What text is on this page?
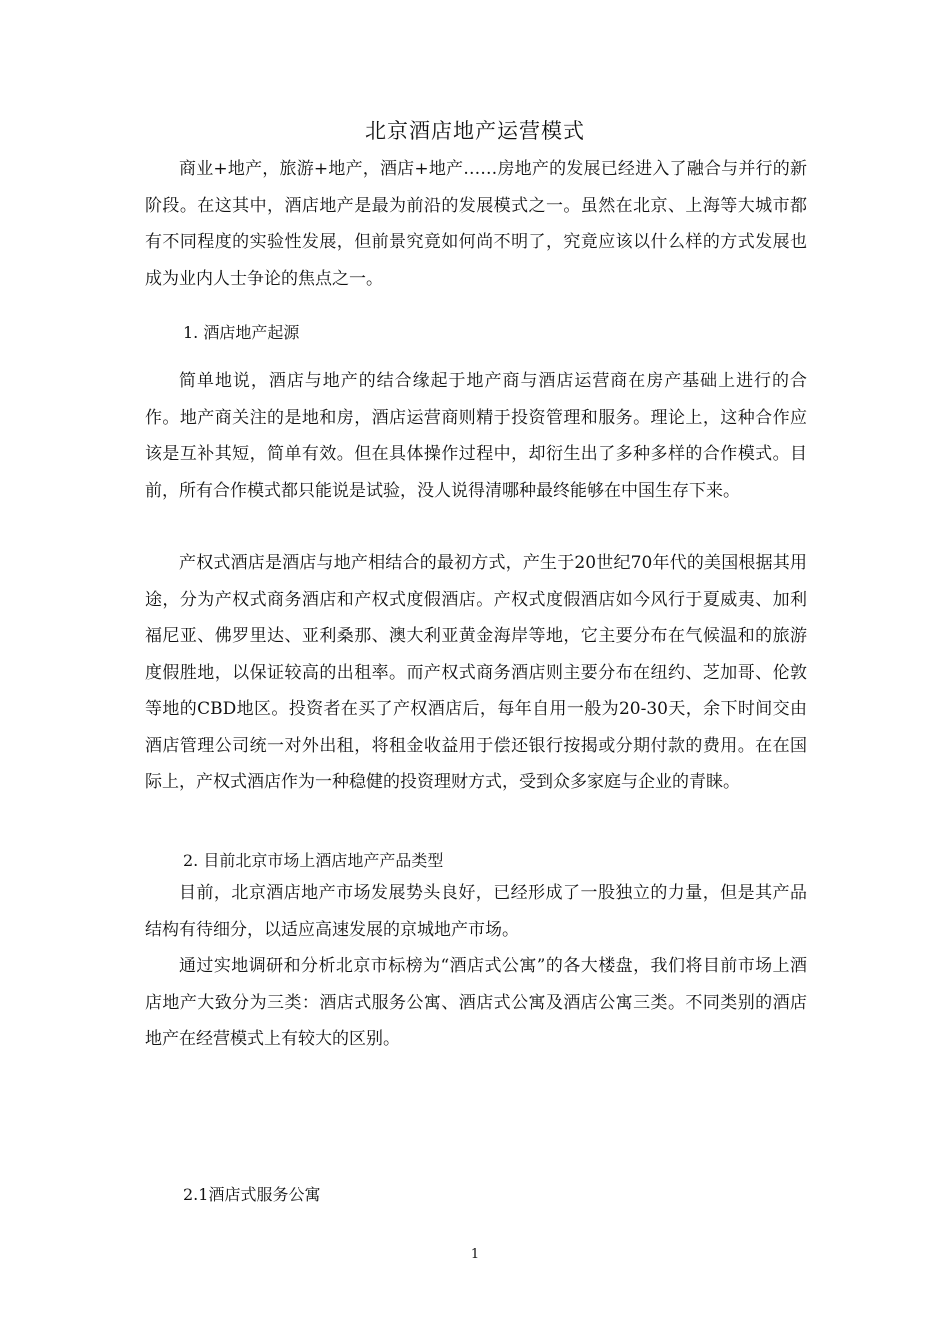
北京酒店地产运营模式

商业+地产，旅游+地产，酒店+地产……房地产的发展已经进入了融合与并行的新阶段。在这其中，酒店地产是最为前沿的发展模式之一。虽然在北京、上海等大城市都有不同程度的实验性发展，但前景究竟如何尚不明了，究竟应该以什么样的方式发展也成为业内人士争论的焦点之一。

1. 酒店地产起源

简单地说，酒店与地产的结合缘起于地产商与酒店运营商在房产基础上进行的合作。地产商关注的是地和房，酒店运营商则精于投资管理和服务。理论上，这种合作应该是互补其短，简单有效。但在具体操作过程中，却衍生出了多种多样的合作模式。目前，所有合作模式都只能说是试验，没人说得清哪种最终能够在中国生存下来。

产权式酒店是酒店与地产相结合的最初方式，产生于20世纪70年代的美国根据其用途，分为产权式商务酒店和产权式度假酒店。产权式度假酒店如今风行于夏威夷、加利福尼亚、佛罗里达、亚利桑那、澳大利亚黄金海岸等地，它主要分布在气候温和的旅游度假胜地，以保证较高的出租率。而产权式商务酒店则主要分布在纽约、芝加哥、伦敦等地的CBD地区。投资者在买了产权酒店后，每年自用一般为20-30天，余下时间交由酒店管理公司统一对外出租，将租金收益用于偿还银行按揭或分期付款的费用。在在国际上，产权式酒店作为一种稳健的投资理财方式，受到众多家庭与企业的青睐。

2. 目前北京市场上酒店地产产品类型

目前，北京酒店地产市场发展势头良好，已经形成了一股独立的力量，但是其产品结构有待细分，以适应高速发展的京城地产市场。

通过实地调研和分析北京市标榜为“酒店式公寓”的各大楼盘，我们将目前市场上酒店地产大致分为三类：酒店式服务公寓、酒店式公寓及酒店公寓三类。不同类别的酒店地产在经营模式上有较大的区别。

2.1酒店式服务公寓

1
